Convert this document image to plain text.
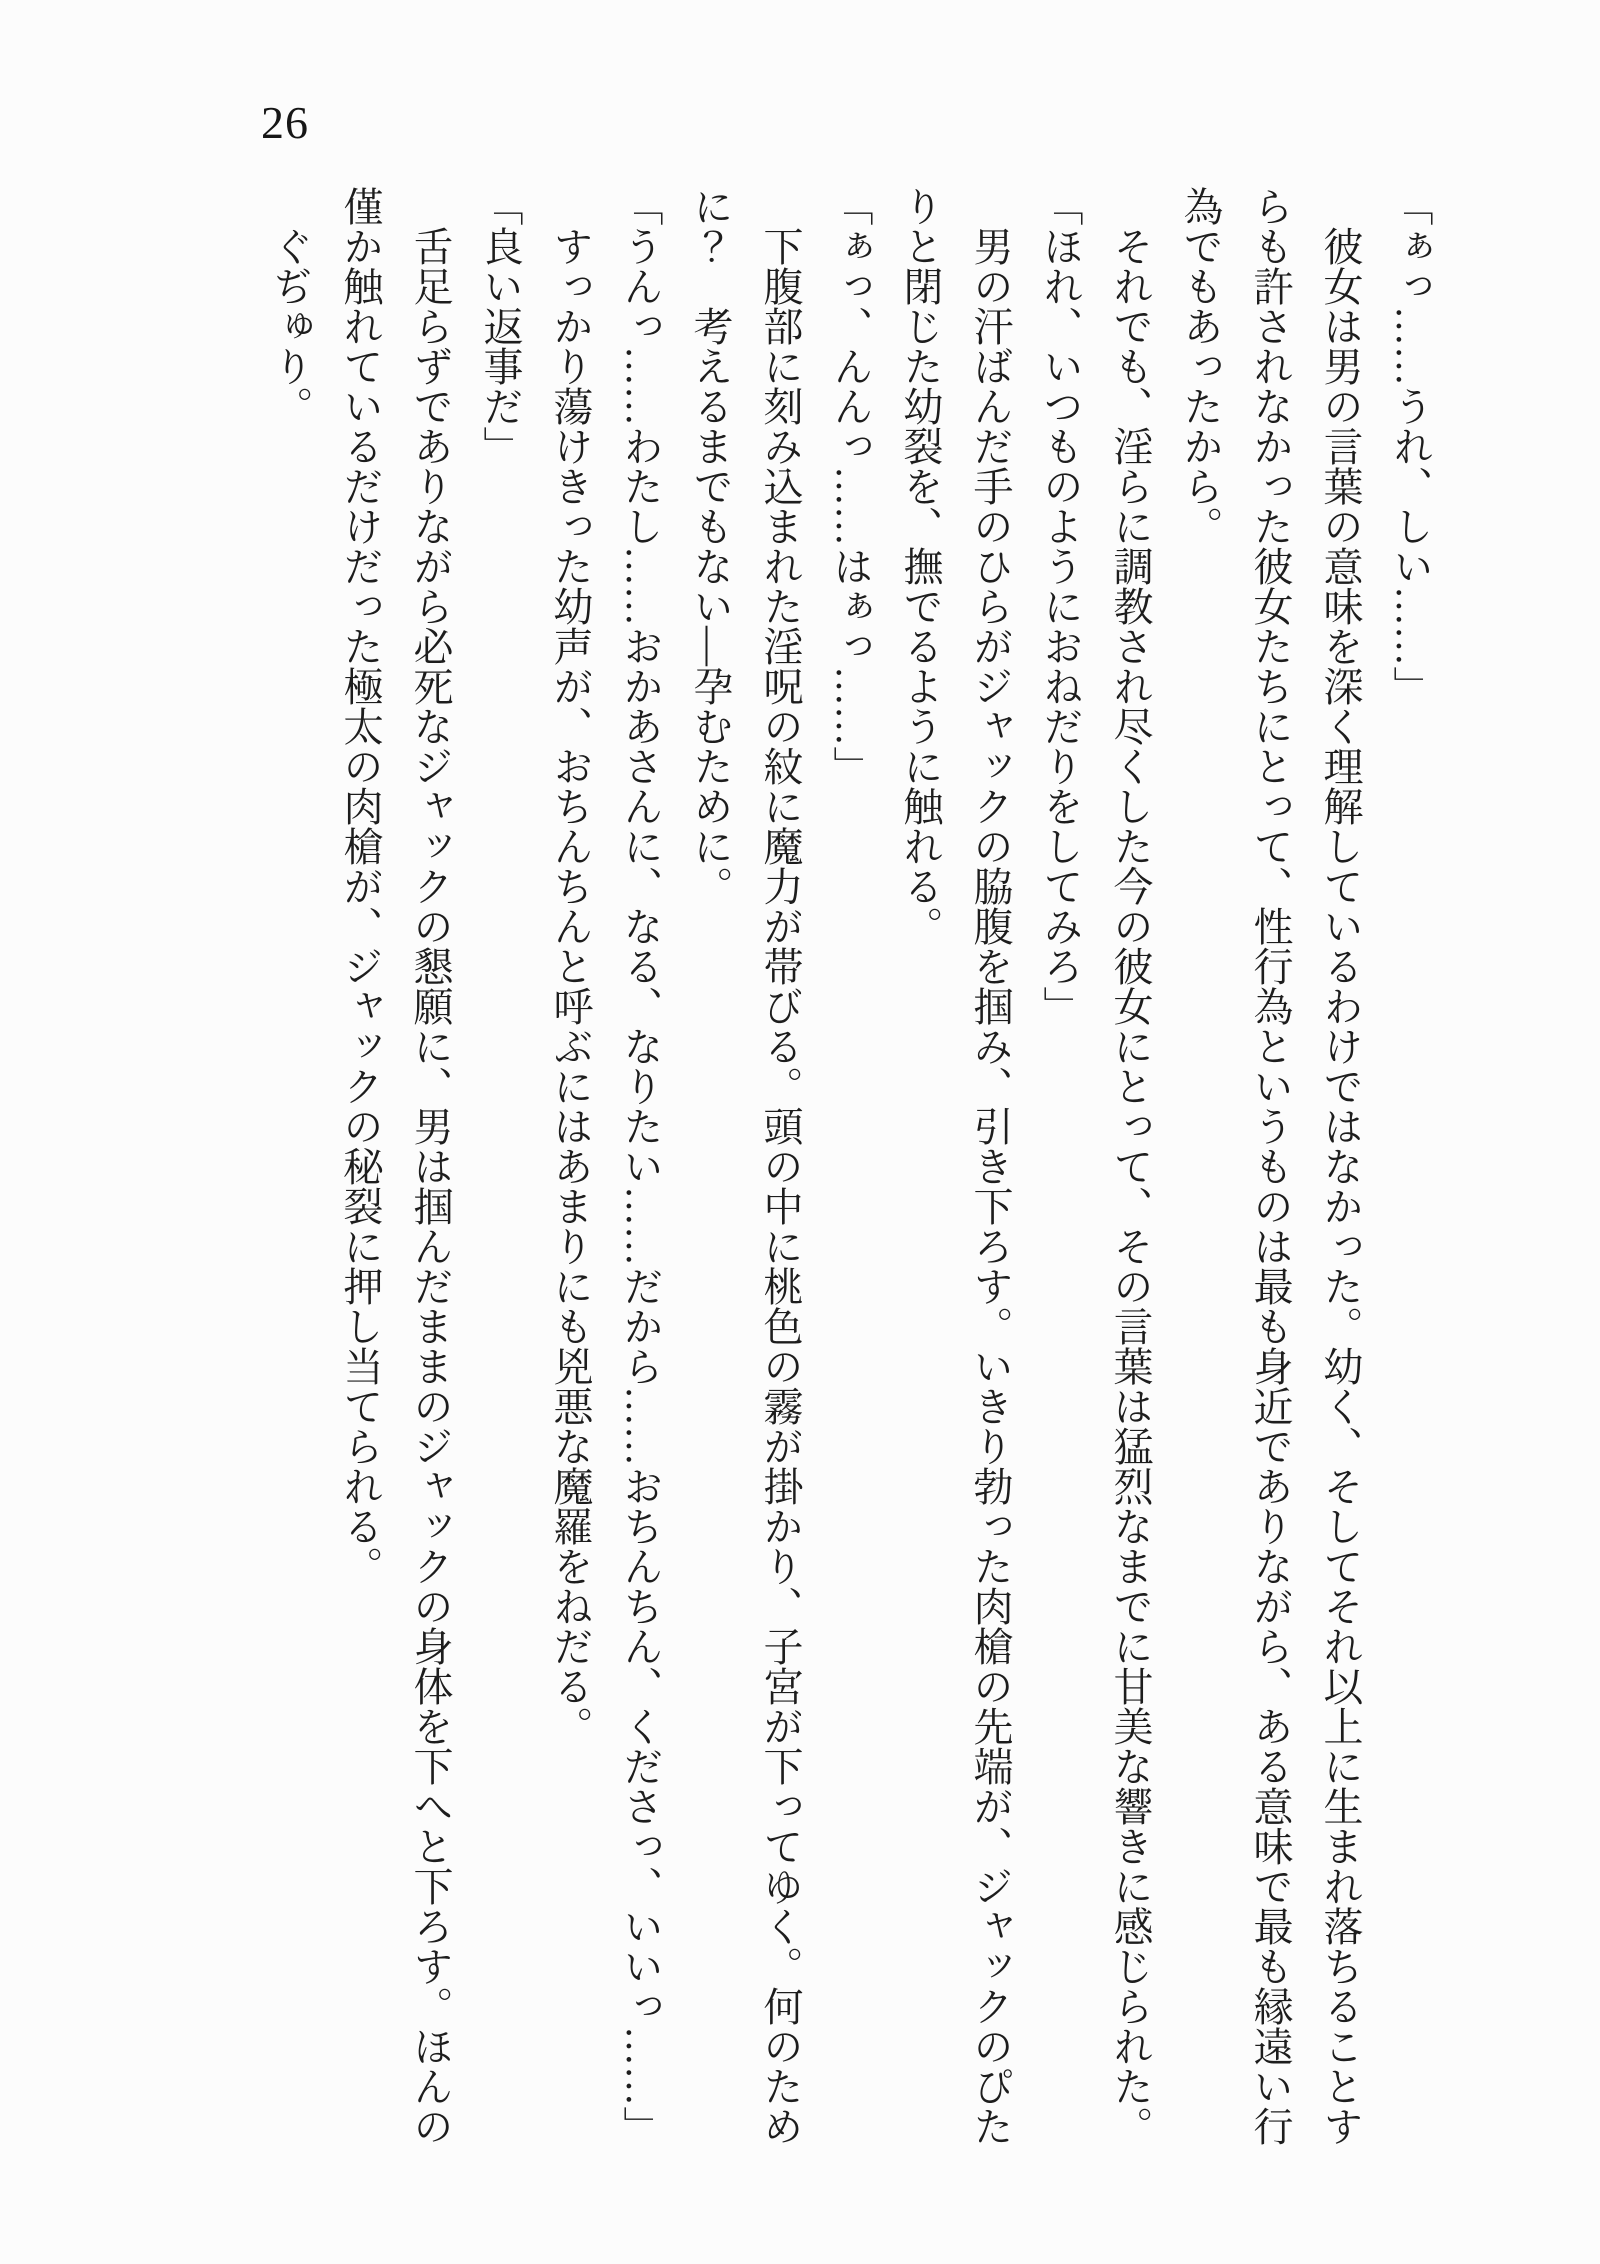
26
「ぁっ……うれ、しい……」
彼女は男の言葉の意味を深く理解しているわけではなかった。幼く、そしてそれ以上に生まれ落ちることす
らも許されなかった彼女たちにとって、性行為というものは最も身近でありながら、ある意味で最も縁遠い行
為でもあったから。
それでも、淫らに調教され尽くした今の彼女にとって、その言葉は猛烈なまでに甘美な響きに感じられた。
「ほれ、いつものようにおねだりをしてみろ」
男の汗ばんだ手のひらがジャックの脇腹を掴み、引き下ろす。いきり勃った肉槍の先端が、ジャックのぴた
りと閉じた幼裂を、撫でるように触れる。
「ぁっ、んんっ……はぁっ……」
下腹部に刻み込まれた淫呪の紋に魔力が帯びる。頭の中に桃色の霧が掛かり、子宮が下ってゆく。何のため
に？　考えるまでもない―孕むために。
「うんっ……わたし……おかあさんに、なる、なりたい……だから……おちんちん、くださっ、いいっ……」
すっかり蕩けきった幼声が、おちんちんと呼ぶにはあまりにも兇悪な魔羅をねだる。
「良い返事だ」
舌足らずでありながら必死なジャックの懇願に、男は掴んだままのジャックの身体を下へと下ろす。ほんの
僅か触れているだけだった極太の肉槍が、ジャックの秘裂に押し当てられる。
ぐぢゅり。
